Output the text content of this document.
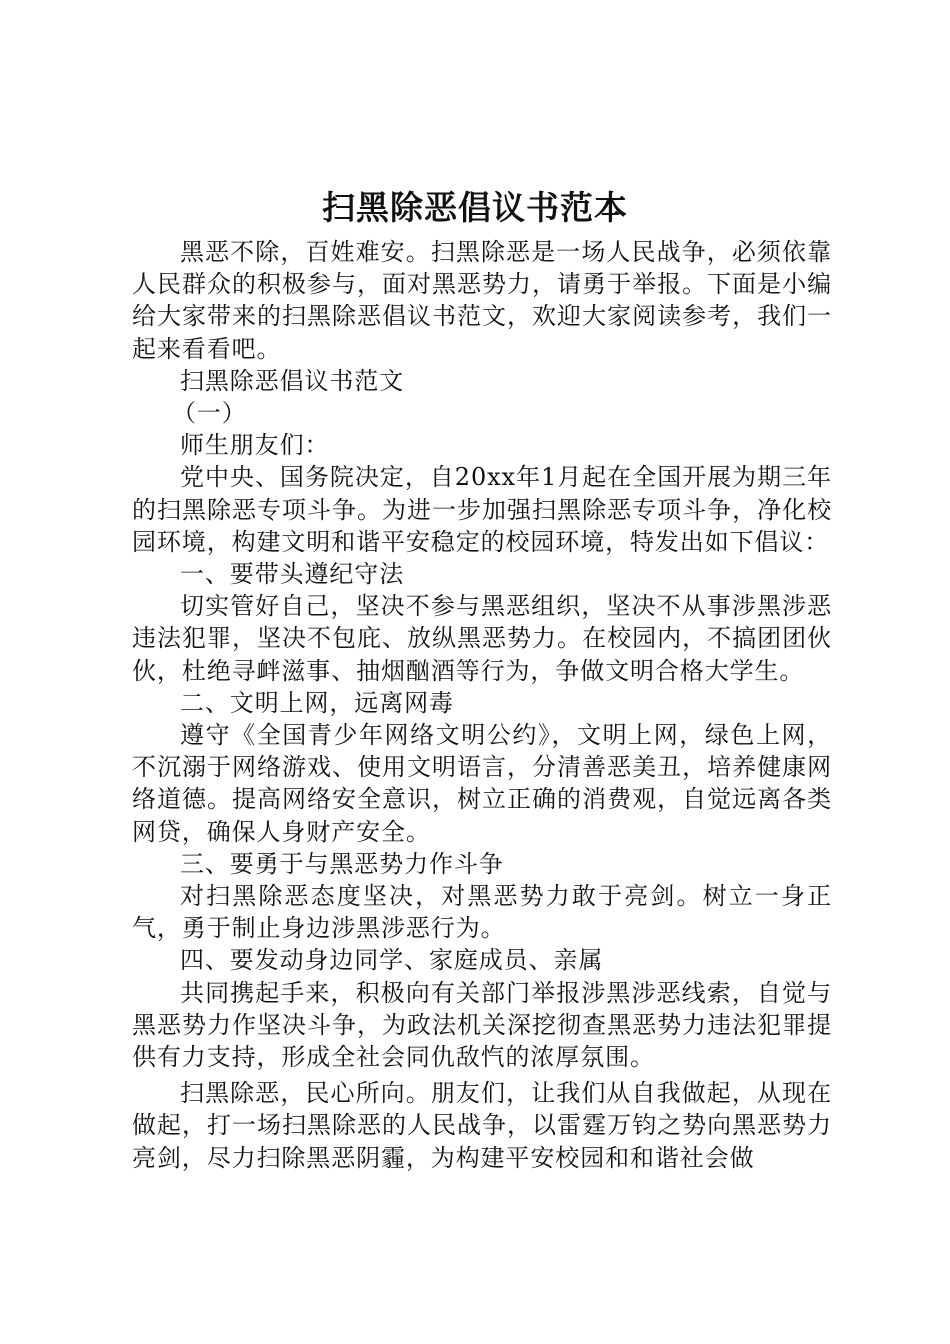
扫黑除恶倡议书范本

黑恶不除，百姓难安。扫黑除恶是一场人民战争，必须依靠人民群众的积极参与，面对黑恶势力，请勇于举报。下面是小编给大家带来的扫黑除恶倡议书范文，欢迎大家阅读参考，我们一起来看看吧。

扫黑除恶倡议书范文

（一）

师生朋友们：

党中央、国务院决定，自20xx年1月起在全国开展为期三年的扫黑除恶专项斗争。为进一步加强扫黑除恶专项斗争，净化校园环境，构建文明和谐平安稳定的校园环境，特发出如下倡议：

一、要带头遵纪守法

切实管好自己，坚决不参与黑恶组织，坚决不从事涉黑涉恶违法犯罪，坚决不包庇、放纵黑恶势力。在校园内，不搞团团伙伙，杜绝寻衅滋事、抽烟酗酒等行为，争做文明合格大学生。

二、文明上网，远离网毒

遵守《全国青少年网络文明公约》，文明上网，绿色上网，不沉溺于网络游戏、使用文明语言，分清善恶美丑，培养健康网络道德。提高网络安全意识，树立正确的消费观，自觉远离各类网贷，确保人身财产安全。

三、要勇于与黑恶势力作斗争

对扫黑除恶态度坚决，对黑恶势力敢于亮剑。树立一身正气，勇于制止身边涉黑涉恶行为。

四、要发动身边同学、家庭成员、亲属

共同携起手来，积极向有关部门举报涉黑涉恶线索，自觉与黑恶势力作坚决斗争，为政法机关深挖彻查黑恶势力违法犯罪提供有力支持，形成全社会同仇敌忾的浓厚氛围。

扫黑除恶，民心所向。朋友们，让我们从自我做起，从现在做起，打一场扫黑除恶的人民战争，以雷霆万钧之势向黑恶势力亮剑，尽力扫除黑恶阴霾，为构建平安校园和和谐社会做
